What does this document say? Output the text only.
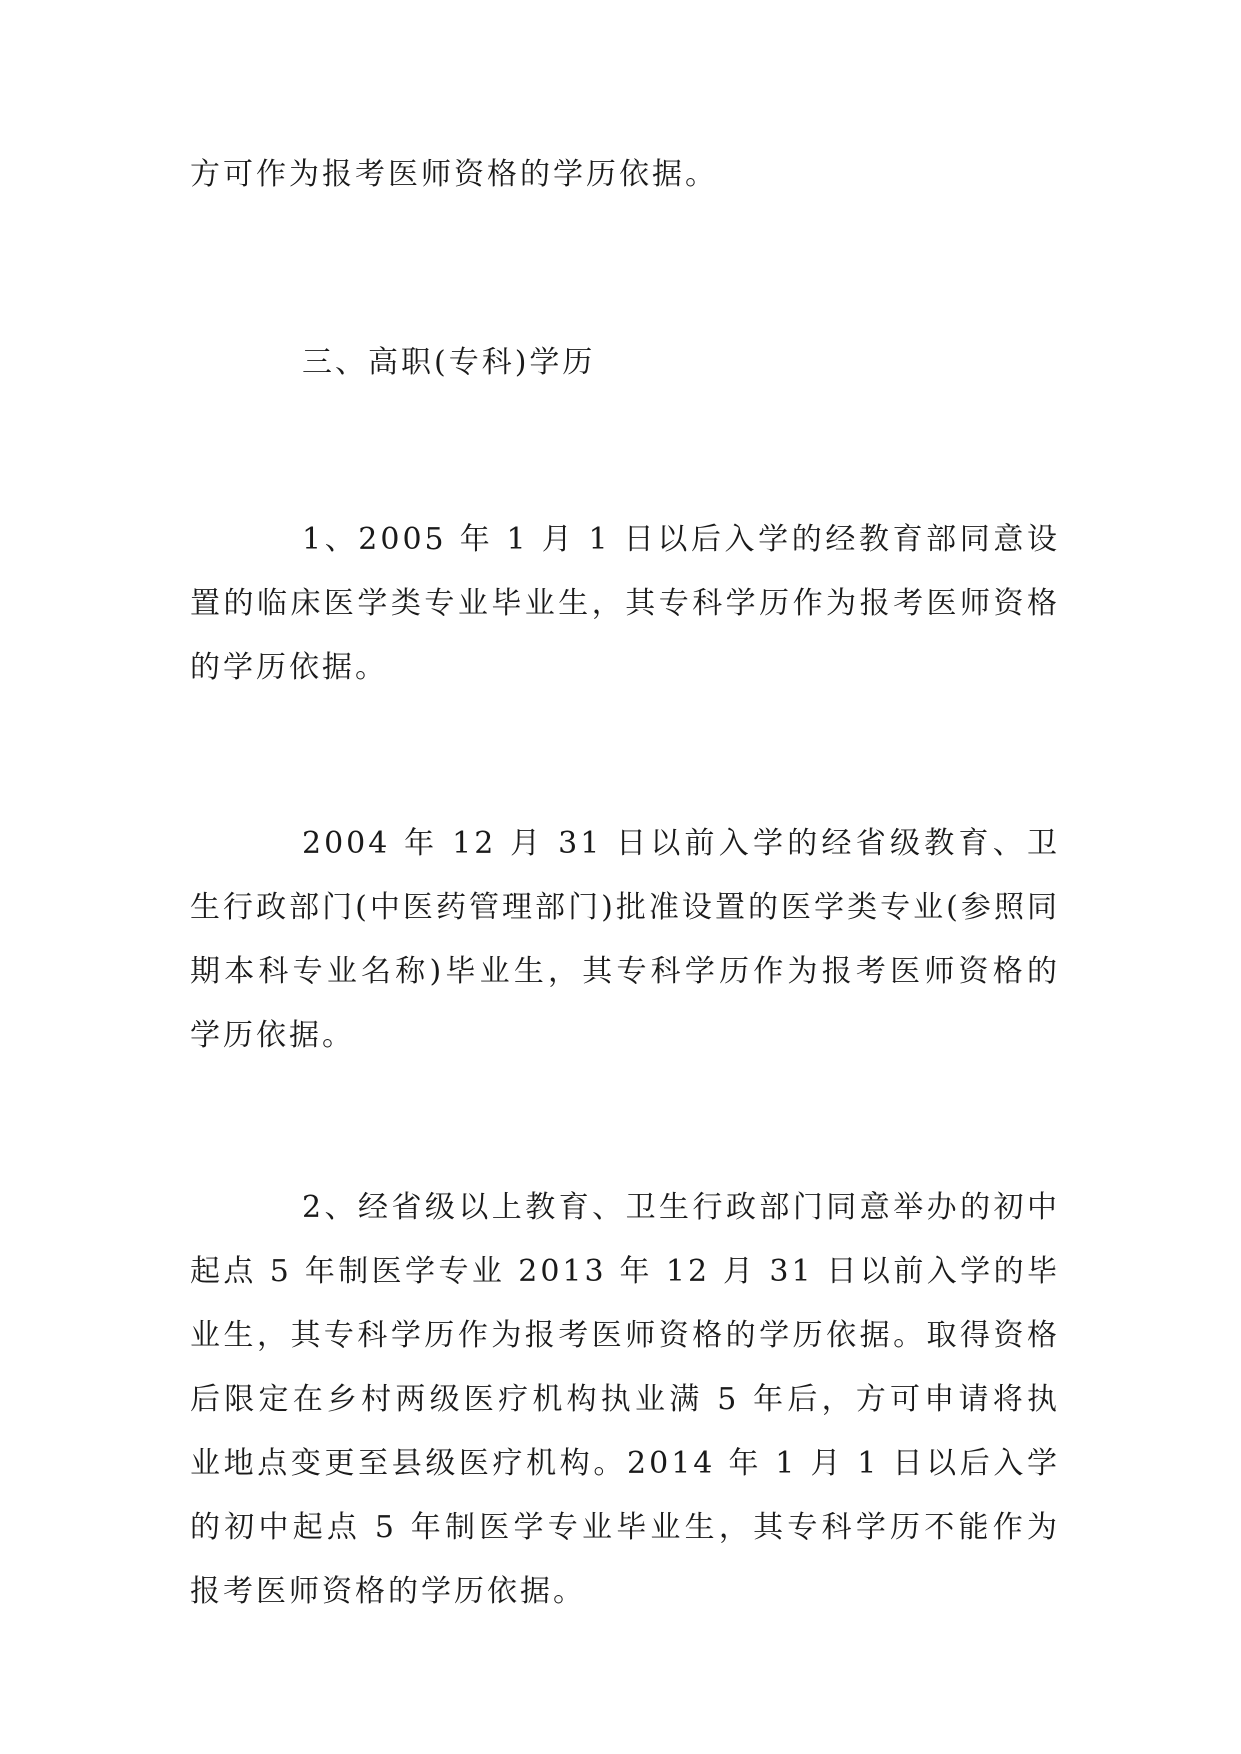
方可作为报考医师资格的学历依据。

三、高职(专科)学历

1、2005 年 1 月 1 日以后入学的经教育部同意设置的临床医学类专业毕业生，其专科学历作为报考医师资格的学历依据。

2004 年 12 月 31 日以前入学的经省级教育、卫生行政部门(中医药管理部门)批准设置的医学类专业(参照同期本科专业名称)毕业生，其专科学历作为报考医师资格的学历依据。

2、经省级以上教育、卫生行政部门同意举办的初中起点 5 年制医学专业 2013 年 12 月 31 日以前入学的毕业生，其专科学历作为报考医师资格的学历依据。取得资格后限定在乡村两级医疗机构执业满 5 年后，方可申请将执业地点变更至县级医疗机构。2014 年 1 月 1 日以后入学的初中起点 5 年制医学专业毕业生，其专科学历不能作为报考医师资格的学历依据。
